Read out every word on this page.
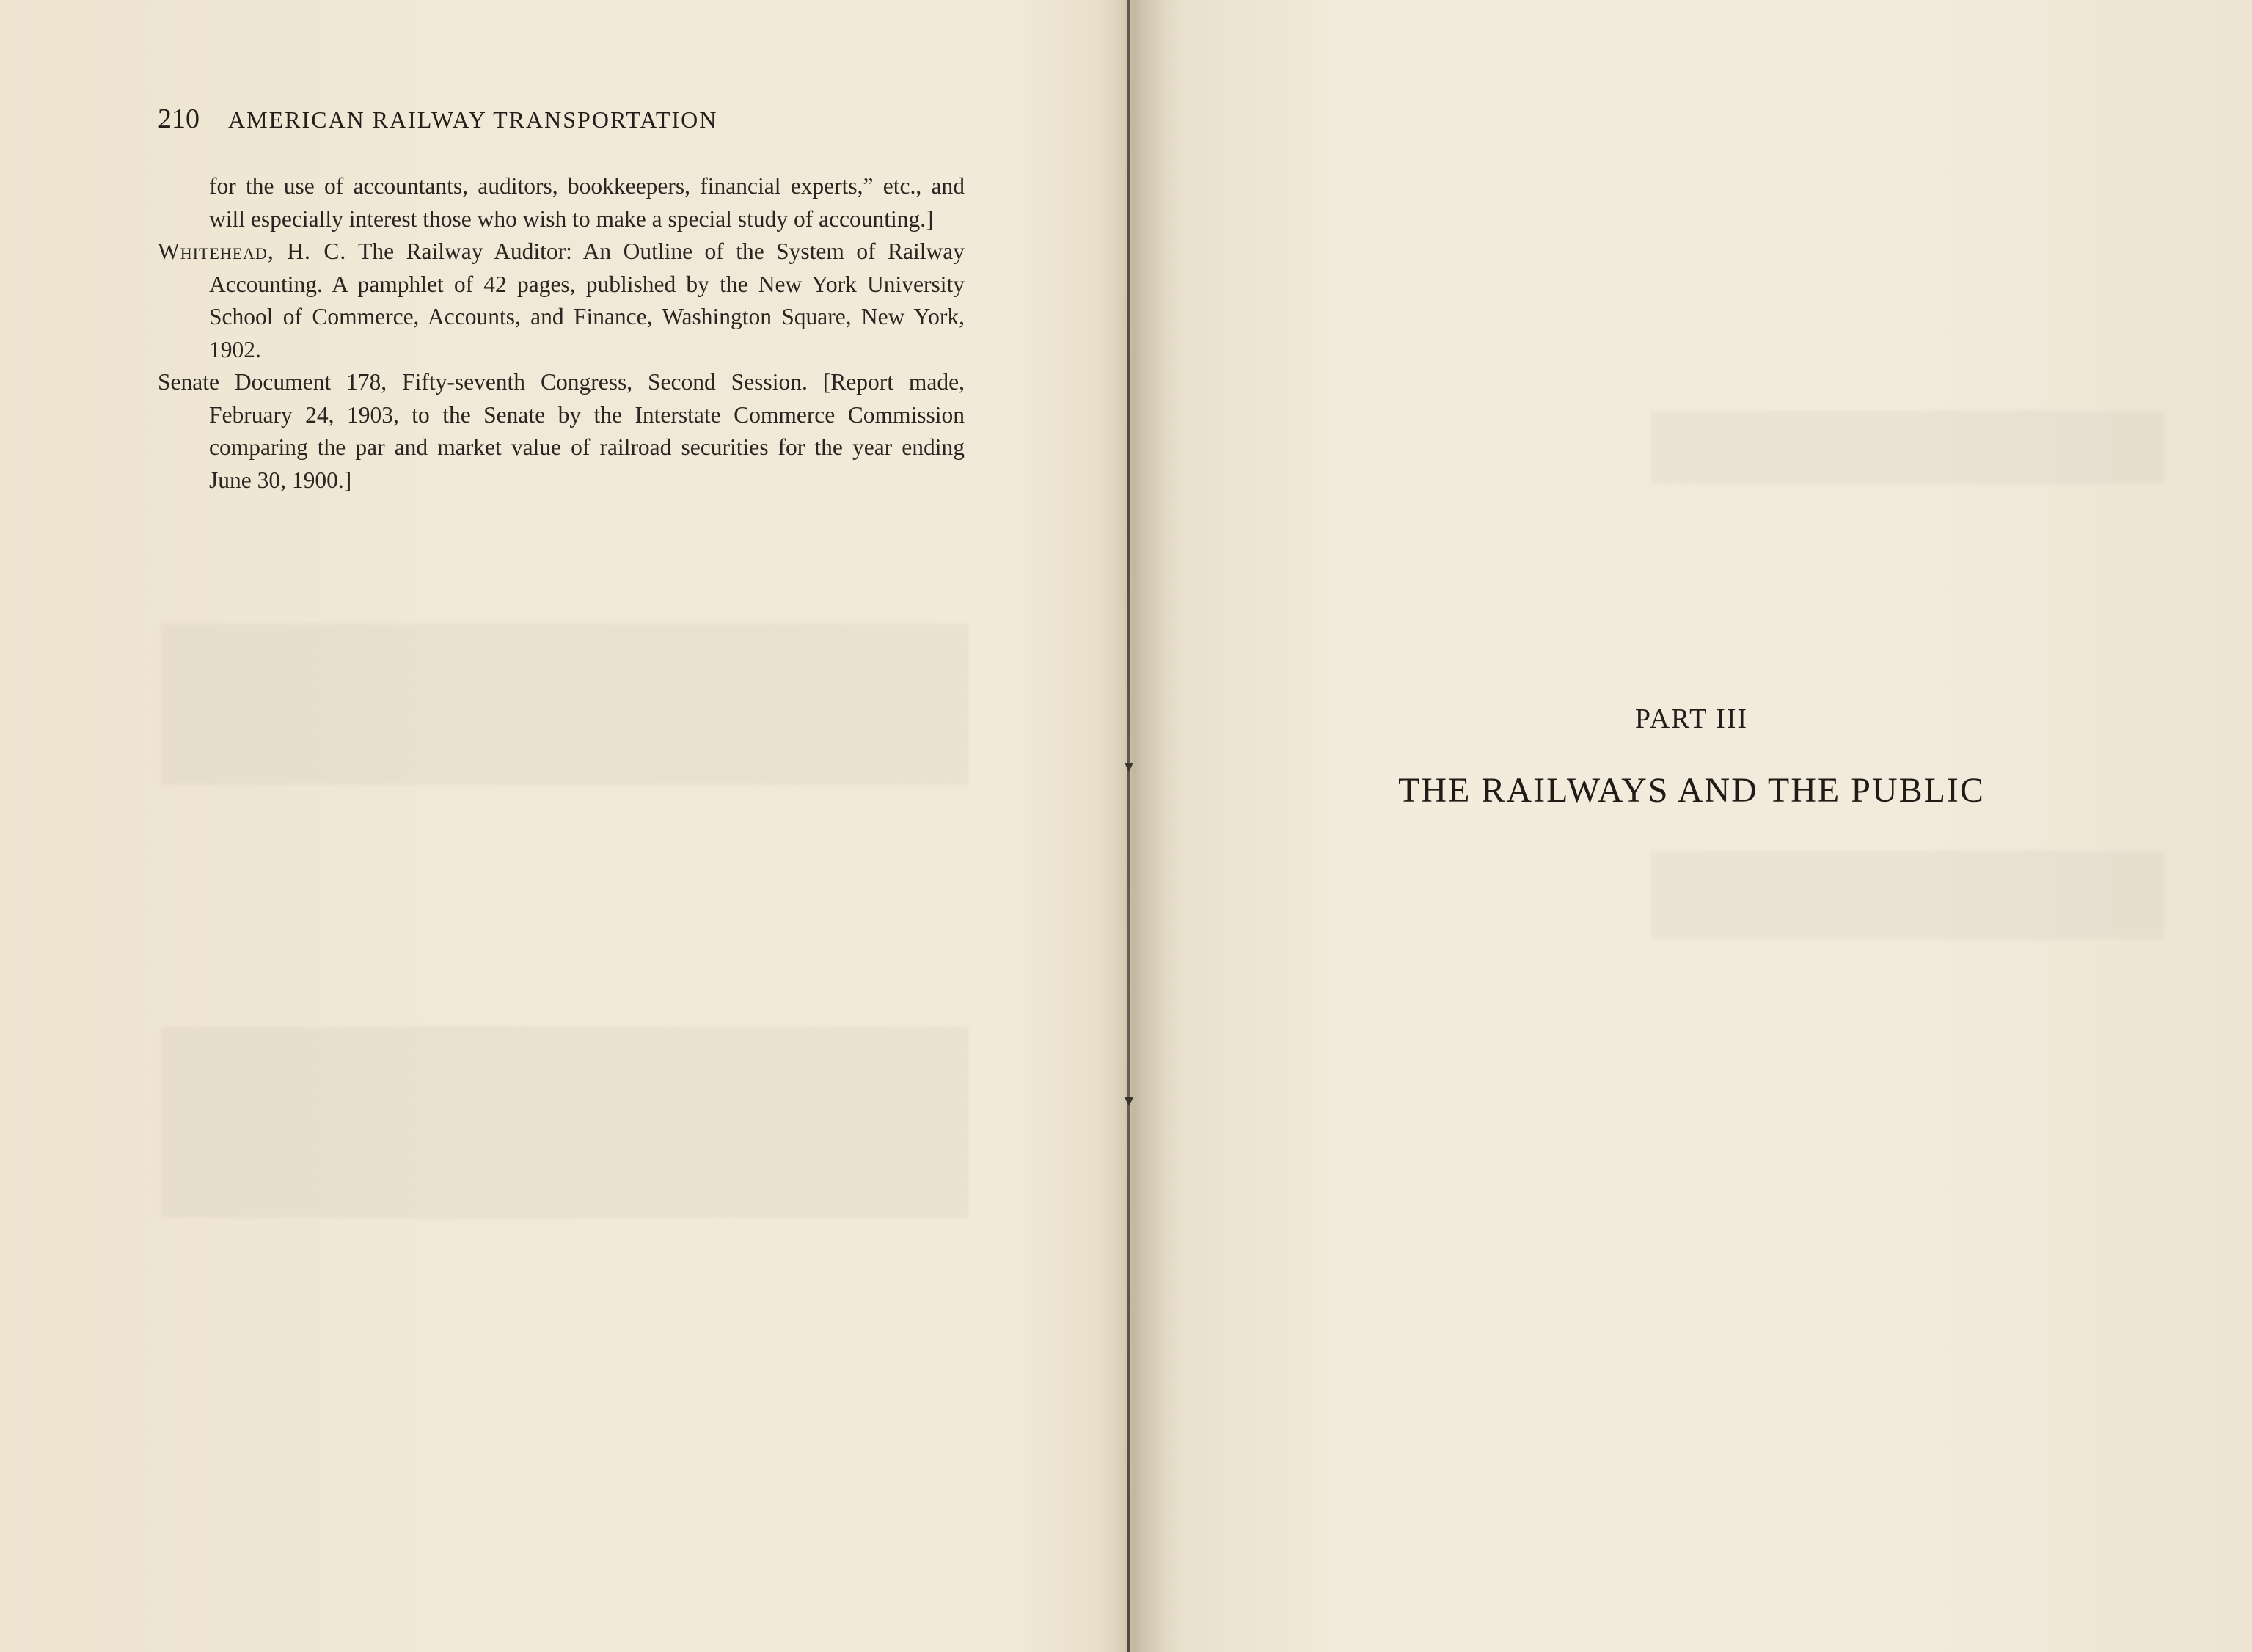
210 AMERICAN RAILWAY TRANSPORTATION

for the use of accountants, auditors, bookkeepers, financial experts,” etc., and will especially interest those who wish to make a special study of accounting.]

Whitehead, H. C. The Railway Auditor: An Outline of the System of Railway Accounting. A pamphlet of 42 pages, published by the New York University School of Commerce, Accounts, and Finance, Washington Square, New York, 1902.

Senate Document 178, Fifty-seventh Congress, Second Session. [Report made, February 24, 1903, to the Senate by the Interstate Commerce Commission comparing the par and market value of railroad securities for the year ending June 30, 1900.]

PART III
THE RAILWAYS AND THE PUBLIC
